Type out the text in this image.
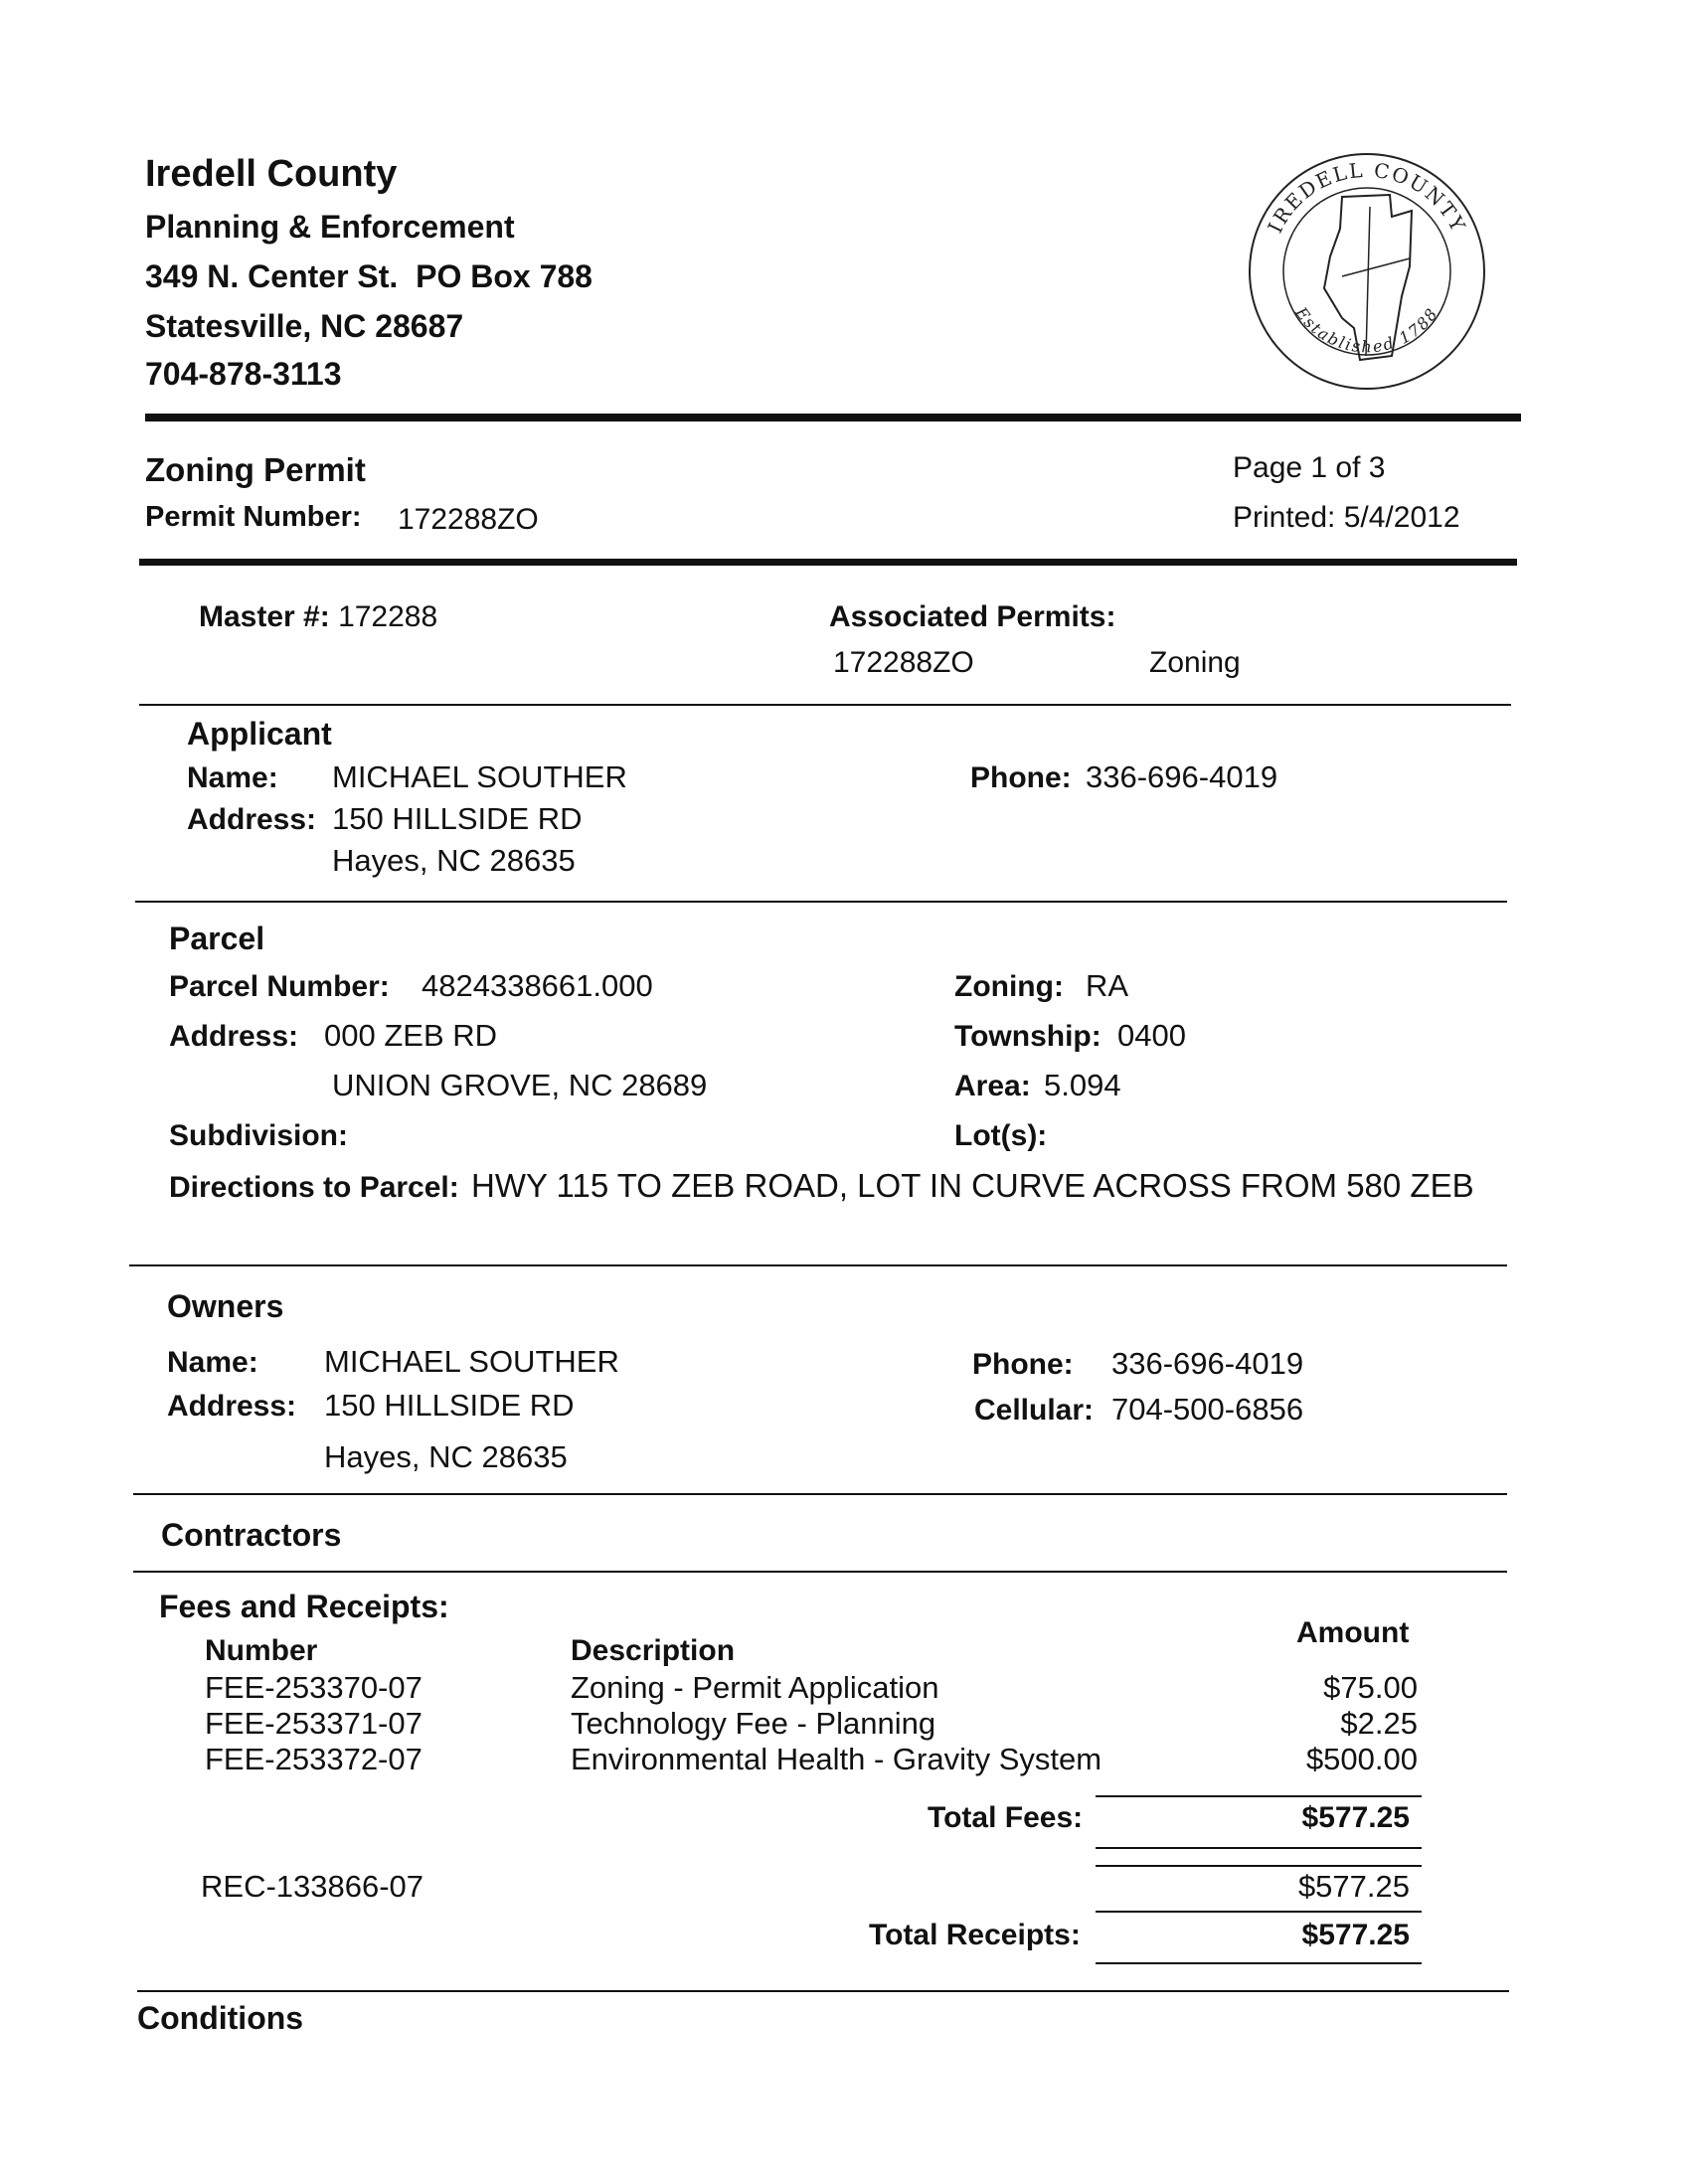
Iredell County
Planning & Enforcement
349 N. Center St.  PO Box 788
Statesville, NC 28687
704-878-3113
IREDELL COUNTY
Established 1788
Zoning Permit
Permit Number: 172288ZO
Page 1 of 3
Printed: 5/4/2012
Master #: 172288	Associated Permits:
172288ZO	Zoning
Applicant
Name: MICHAEL SOUTHER
Address: 150 HILLSIDE RD
Hayes, NC 28635
Phone: 336-696-4019
Parcel
Parcel Number: 4824338661.000
Address: 000 ZEB RD
UNION GROVE, NC 28689
Subdivision:
Zoning: RA
Township: 0400
Area: 5.094
Lot(s):
Directions to Parcel: HWY 115 TO ZEB ROAD, LOT IN CURVE ACROSS FROM 580 ZEB
Owners
Name: MICHAEL SOUTHER
Address: 150 HILLSIDE RD
Hayes, NC 28635
Phone: 336-696-4019
Cellular: 704-500-6856
Contractors
Fees and Receipts:
Number	Description
Amount
FEE-253370-07	Zoning - Permit Application	$75.00
FEE-253371-07	Technology Fee - Planning	$2.25
FEE-253372-07	Environmental Health - Gravity System	$500.00
Total Fees:	$577.25
REC-133866-07	$577.25
Total Receipts:	$577.25
Conditions
